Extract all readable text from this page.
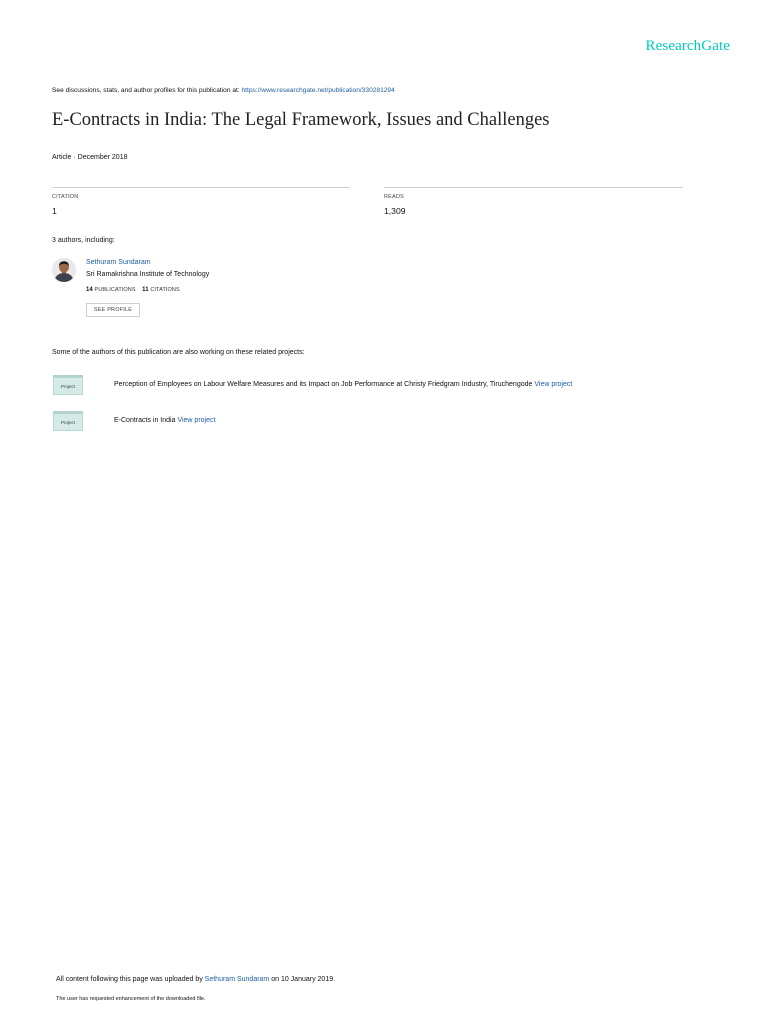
ResearchGate
See discussions, stats, and author profiles for this publication at: https://www.researchgate.net/publication/330281294
E-Contracts in India: The Legal Framework, Issues and Challenges
Article · December 2018
CITATION
1
READS
1,309
3 authors, including:
Sethuram Sundaram
Sri Ramakrishna Institute of Technology
14 PUBLICATIONS 11 CITATIONS
SEE PROFILE
Some of the authors of this publication are also working on these related projects:
Project	Perception of Employees on Labour Welfare Measures and its Impact on Job Performance at Christy Friedgram Industry, Tiruchengode View project
Project	E-Contracts in India View project
All content following this page was uploaded by Sethuram Sundaram on 10 January 2019.
The user has requested enhancement of the downloaded file.
